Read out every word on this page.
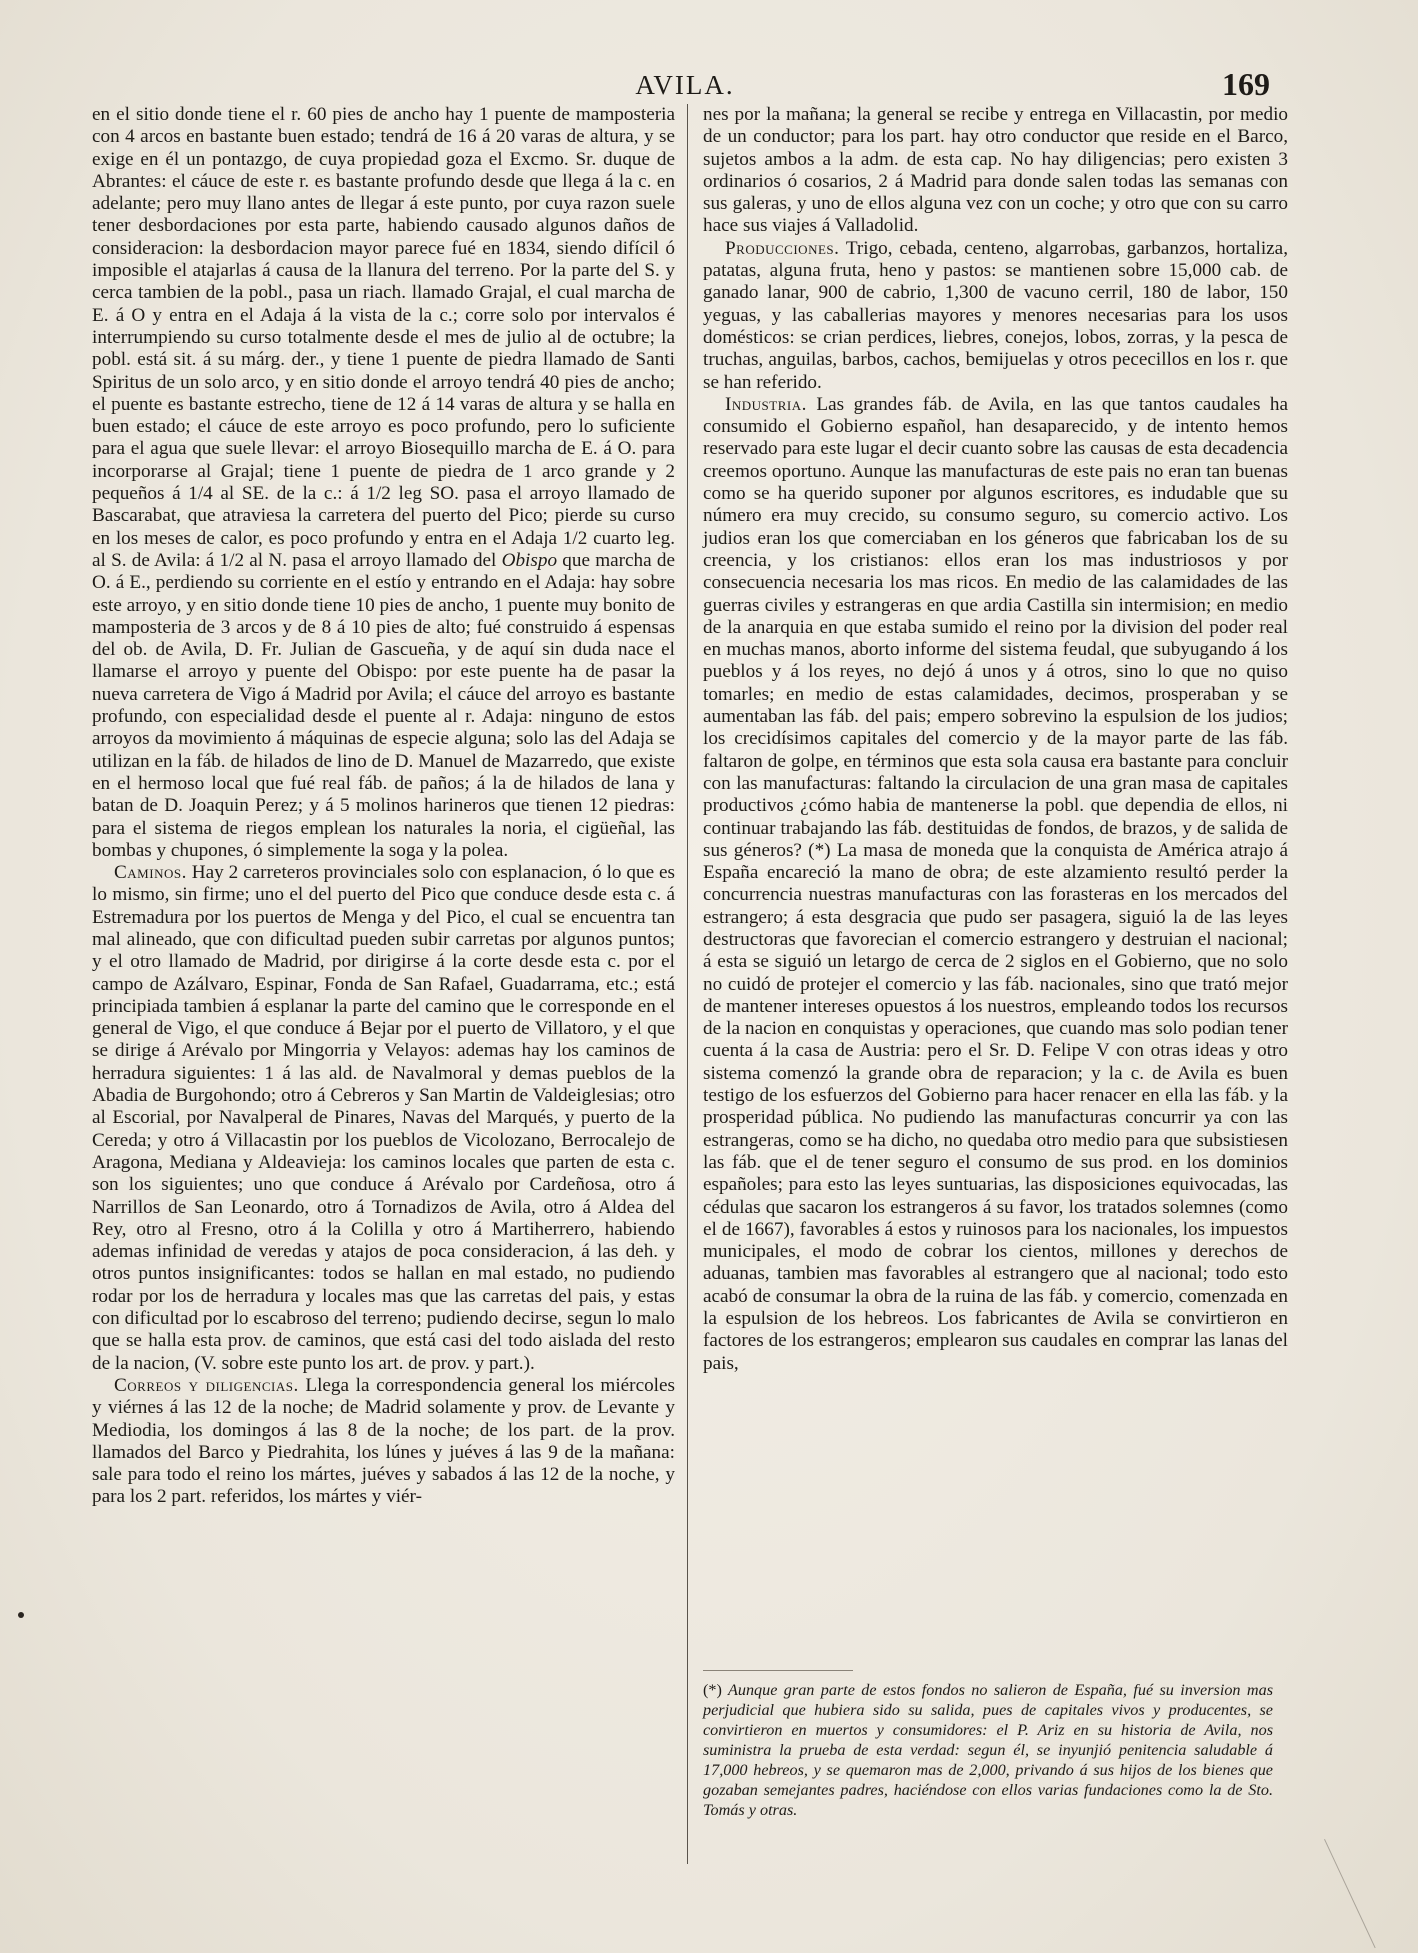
AVILA.	169

en el sitio donde tiene el r. 60 pies de ancho hay 1 puente de mamposteria con 4 arcos en bastante buen estado; tendrá de 16 á 20 varas de altura, y se exige en él un pontazgo, de cuya propiedad goza el Excmo. Sr. duque de Abrantes: el cáuce de este r. es bastante profundo desde que llega á la c. en adelante; pero muy llano antes de llegar á este punto, por cuya razon suele tener desbordaciones por esta parte, habiendo causado algunos daños de consideracion: la desbordacion mayor parece fué en 1834, siendo difícil ó imposible el atajarlas á causa de la llanura del terreno. Por la parte del S. y cerca tambien de la pobl., pasa un riach. llamado Grajal, el cual marcha de E. á O y entra en el Adaja á la vista de la c.; corre solo por intervalos é interrumpiendo su curso totalmente desde el mes de julio al de octubre; la pobl. está sit. á su márg. der., y tiene 1 puente de piedra llamado de Santi Spiritus de un solo arco, y en sitio donde el arroyo tendrá 40 pies de ancho; el puente es bastante estrecho, tiene de 12 á 14 varas de altura y se halla en buen estado; el cáuce de este arroyo es poco profundo, pero lo suficiente para el agua que suele llevar: el arroyo Biosequillo marcha de E. á O. para incorporarse al Grajal; tiene 1 puente de piedra de 1 arco grande y 2 pequeños á 1/4 al SE. de la c.: á 1/2 leg SO. pasa el arroyo llamado de Bascarabat, que atraviesa la carretera del puerto del Pico; pierde su curso en los meses de calor, es poco profundo y entra en el Adaja 1/2 cuarto leg. al S. de Avila: á 1/2 al N. pasa el arroyo llamado del Obispo que marcha de O. á E., perdiendo su corriente en el estío y entrando en el Adaja: hay sobre este arroyo, y en sitio donde tiene 10 pies de ancho, 1 puente muy bonito de mamposteria de 3 arcos y de 8 á 10 pies de alto; fué construido á espensas del ob. de Avila, D. Fr. Julian de Gascueña, y de aquí sin duda nace el llamarse el arroyo y puente del Obispo: por este puente ha de pasar la nueva carretera de Vigo á Madrid por Avila; el cáuce del arroyo es bastante profundo, con especialidad desde el puente al r. Adaja: ninguno de estos arroyos da movimiento á máquinas de especie alguna; solo las del Adaja se utilizan en la fáb. de hilados de lino de D. Manuel de Mazarredo, que existe en el hermoso local que fué real fáb. de paños; á la de hilados de lana y batan de D. Joaquin Perez; y á 5 molinos harineros que tienen 12 piedras: para el sistema de riegos emplean los naturales la noria, el cigüeñal, las bombas y chupones, ó simplemente la soga y la polea.

Caminos. Hay 2 carreteros provinciales solo con esplanacion, ó lo que es lo mismo, sin firme; uno el del puerto del Pico que conduce desde esta c. á Estremadura por los puertos de Menga y del Pico, el cual se encuentra tan mal alineado, que con dificultad pueden subir carretas por algunos puntos; y el otro llamado de Madrid, por dirigirse á la corte desde esta c. por el campo de Azálvaro, Espinar, Fonda de San Rafael, Guadarrama, etc.; está principiada tambien á esplanar la parte del camino que le corresponde en el general de Vigo, el que conduce á Bejar por el puerto de Villatoro, y el que se dirige á Arévalo por Mingorria y Velayos: ademas hay los caminos de herradura siguientes: 1 á las ald. de Navalmoral y demas pueblos de la Abadia de Burgohondo; otro á Cebreros y San Martin de Valdeiglesias; otro al Escorial, por Navalperal de Pinares, Navas del Marqués, y puerto de la Cereda; y otro á Villacastin por los pueblos de Vicolozano, Berrocalejo de Aragona, Mediana y Aldeavieja: los caminos locales que parten de esta c. son los siguientes; uno que conduce á Arévalo por Cardeñosa, otro á Narrillos de San Leonardo, otro á Tornadizos de Avila, otro á Aldea del Rey, otro al Fresno, otro á la Colilla y otro á Martiherrero, habiendo ademas infinidad de veredas y atajos de poca consideracion, á las deh. y otros puntos insignificantes: todos se hallan en mal estado, no pudiendo rodar por los de herradura y locales mas que las carretas del pais, y estas con dificultad por lo escabroso del terreno; pudiendo decirse, segun lo malo que se halla esta prov. de caminos, que está casi del todo aislada del resto de la nacion, (V. sobre este punto los art. de prov. y part.).

Correos y diligencias. Llega la correspondencia general los miércoles y viérnes á las 12 de la noche; de Madrid solamente y prov. de Levante y Mediodia, los domingos á las 8 de la noche; de los part. de la prov. llamados del Barco y Piedrahita, los lúnes y juéves á las 9 de la mañana: sale para todo el reino los mártes, juéves y sabados á las 12 de la noche, y para los 2 part. referidos, los mártes y viér-

nes por la mañana; la general se recibe y entrega en Villacastin, por medio de un conductor; para los part. hay otro conductor que reside en el Barco, sujetos ambos a la adm. de esta cap. No hay diligencias; pero existen 3 ordinarios ó cosarios, 2 á Madrid para donde salen todas las semanas con sus galeras, y uno de ellos alguna vez con un coche; y otro que con su carro hace sus viajes á Valladolid.

Producciones. Trigo, cebada, centeno, algarrobas, garbanzos, hortaliza, patatas, alguna fruta, heno y pastos: se mantienen sobre 15,000 cab. de ganado lanar, 900 de cabrio, 1,300 de vacuno cerril, 180 de labor, 150 yeguas, y las caballerias mayores y menores necesarias para los usos domésticos: se crian perdices, liebres, conejos, lobos, zorras, y la pesca de truchas, anguilas, barbos, cachos, bemijuelas y otros pececillos en los r. que se han referido.

Industria. Las grandes fáb. de Avila, en las que tantos caudales ha consumido el Gobierno español, han desaparecido, y de intento hemos reservado para este lugar el decir cuanto sobre las causas de esta decadencia creemos oportuno. Aunque las manufacturas de este pais no eran tan buenas como se ha querido suponer por algunos escritores, es indudable que su número era muy crecido, su consumo seguro, su comercio activo. Los judios eran los que comerciaban en los géneros que fabricaban los de su creencia, y los cristianos: ellos eran los mas industriosos y por consecuencia necesaria los mas ricos. En medio de las calamidades de las guerras civiles y estrangeras en que ardia Castilla sin intermision; en medio de la anarquia en que estaba sumido el reino por la division del poder real en muchas manos, aborto informe del sistema feudal, que subyugando á los pueblos y á los reyes, no dejó á unos y á otros, sino lo que no quiso tomarles; en medio de estas calamidades, decimos, prosperaban y se aumentaban las fáb. del pais; empero sobrevino la espulsion de los judios; los crecidísimos capitales del comercio y de la mayor parte de las fáb. faltaron de golpe, en términos que esta sola causa era bastante para concluir con las manufacturas: faltando la circulacion de una gran masa de capitales productivos ¿cómo habia de mantenerse la pobl. que dependia de ellos, ni continuar trabajando las fáb. destituidas de fondos, de brazos, y de salida de sus géneros? (*) La masa de moneda que la conquista de América atrajo á España encareció la mano de obra; de este alzamiento resultó perder la concurrencia nuestras manufacturas con las forasteras en los mercados del estrangero; á esta desgracia que pudo ser pasagera, siguió la de las leyes destructoras que favorecian el comercio estrangero y destruian el nacional; á esta se siguió un letargo de cerca de 2 siglos en el Gobierno, que no solo no cuidó de protejer el comercio y las fáb. nacionales, sino que trató mejor de mantener intereses opuestos á los nuestros, empleando todos los recursos de la nacion en conquistas y operaciones, que cuando mas solo podian tener cuenta á la casa de Austria: pero el Sr. D. Felipe V con otras ideas y otro sistema comenzó la grande obra de reparacion; y la c. de Avila es buen testigo de los esfuerzos del Gobierno para hacer renacer en ella las fáb. y la prosperidad pública. No pudiendo las manufacturas concurrir ya con las estrangeras, como se ha dicho, no quedaba otro medio para que subsistiesen las fáb. que el de tener seguro el consumo de sus prod. en los dominios españoles; para esto las leyes suntuarias, las disposiciones equivocadas, las cédulas que sacaron los estrangeros á su favor, los tratados solemnes (como el de 1667), favorables á estos y ruinosos para los nacionales, los impuestos municipales, el modo de cobrar los cientos, millones y derechos de aduanas, tambien mas favorables al estrangero que al nacional; todo esto acabó de consumar la obra de la ruina de las fáb. y comercio, comenzada en la espulsion de los hebreos. Los fabricantes de Avila se convirtieron en factores de los estrangeros; emplearon sus caudales en comprar las lanas del pais,

(*) Aunque gran parte de estos fondos no salieron de España, fué su inversion mas perjudicial que hubiera sido su salida, pues de capitales vivos y producentes, se convirtieron en muertos y consumidores: el P. Ariz en su historia de Avila, nos suministra la prueba de esta verdad: segun él, se inyunjió penitencia saludable á 17,000 hebreos, y se quemaron mas de 2,000, privando á sus hijos de los bienes que gozaban semejantes padres, haciéndose con ellos varias fundaciones como la de Sto. Tomás y otras.
